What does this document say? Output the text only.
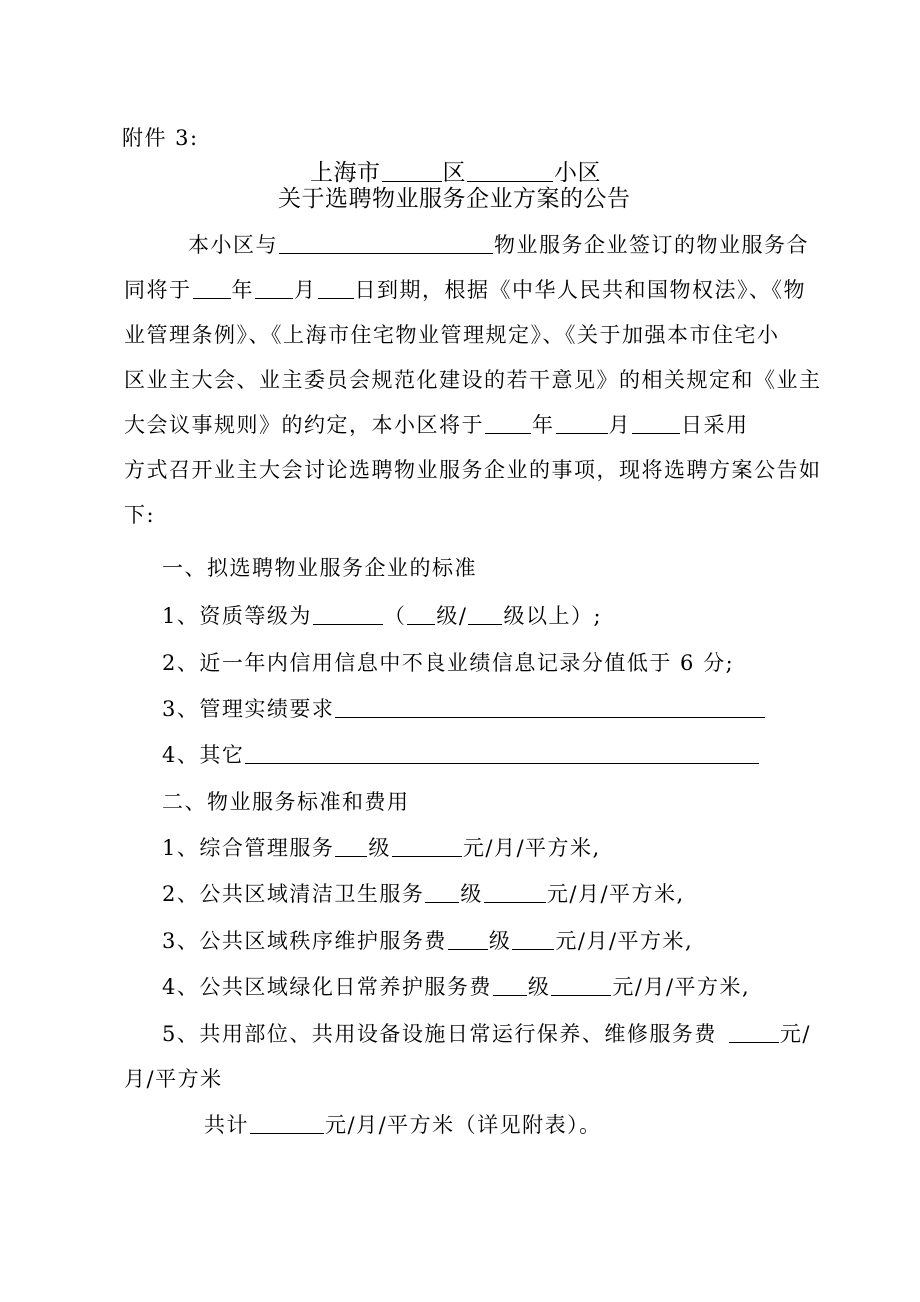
附件 3:
上海市	区	小区
关于选聘物业服务企业方案的公告
本小区与	物业服务企业签订的物业服务合
同将于 年 月 日到期，根据《中华人民共和国物权法》、《物
业管理条例》、《上海市住宅物业管理规定》、《关于加强本市住宅小
区业主大会、业主委员会规范化建设的若干意见》的相关规定和《业主
大会议事规则》的约定，本小区将于 年	月 日采用
方式召开业主大会讨论选聘物业服务企业的事项，现将选聘方案公告如
下:
一、拟选聘物业服务企业的标准
1、资质等级为	（ 级/ 级以上）;
2、近一年内信用信息中不良业绩信息记录分值低于 6 分;
3、管理实绩要求
4、其它
二、物业服务标准和费用
1、综合管理服务 级	元/月/平方米,
2、公共区域清洁卫生服务 级	元/月/平方米,
3、公共区域秩序维护服务费 级 元/月/平方米,
4、公共区域绿化日常养护服务费 级	元/月/平方米,
5、共用部位、共用设备设施日常运行保养、维修服务费	元/
月/平方米
共计	元/月/平方米（详见附表）。
